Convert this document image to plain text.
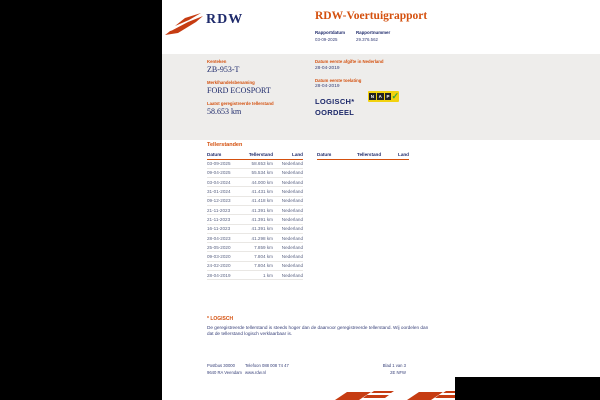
RDW	RDW-Voertuigrapport
Rapportdatum
03-09-2025
Rapportnummer
29.376.562
Kenteken
ZB-953-T
Merk/handelsbenaming
FORD ECOSPORT
Laatst geregistreerde tellerstand
58.653 km
Datum eerste afgifte in Nederland
28-04-2019
Datum eerste toelating
28-04-2019
LOGISCH*
OORDEEL
N	A	P ✓
Tellerstanden
Datum	Tellerstand	Land
03-09-2025	58.653 km	Nederland
09-04-2025	55.534 km	Nederland
03-04-2024	44.000 km	Nederland
31-01-2024	41.431 km	Nederland
09-12-2023	41.418 km	Nederland
21-11-2023	41.391 km	Nederland
21-11-2023	41.391 km	Nederland
16-11-2023	41.391 km	Nederland
28-04-2023	41.298 km	Nederland
25-05-2020	7.859 km	Nederland
09-03-2020	7.804 km	Nederland
24-02-2020	7.804 km	Nederland
28-04-2019	1 km	Nederland
Datum	Tellerstand	Land
* LOGISCH
De geregistreerde tellerstand is steeds hoger dan de daarvoor geregistreerde tellerstand. Wij oordelen dan
dat de tellerstand logisch verklaarbaar is.
Postbus 30000
9640 RA Veendam
Telefoon 088 008 74 47
www.rdw.nl
Blad 1 van 3
2E NFW
